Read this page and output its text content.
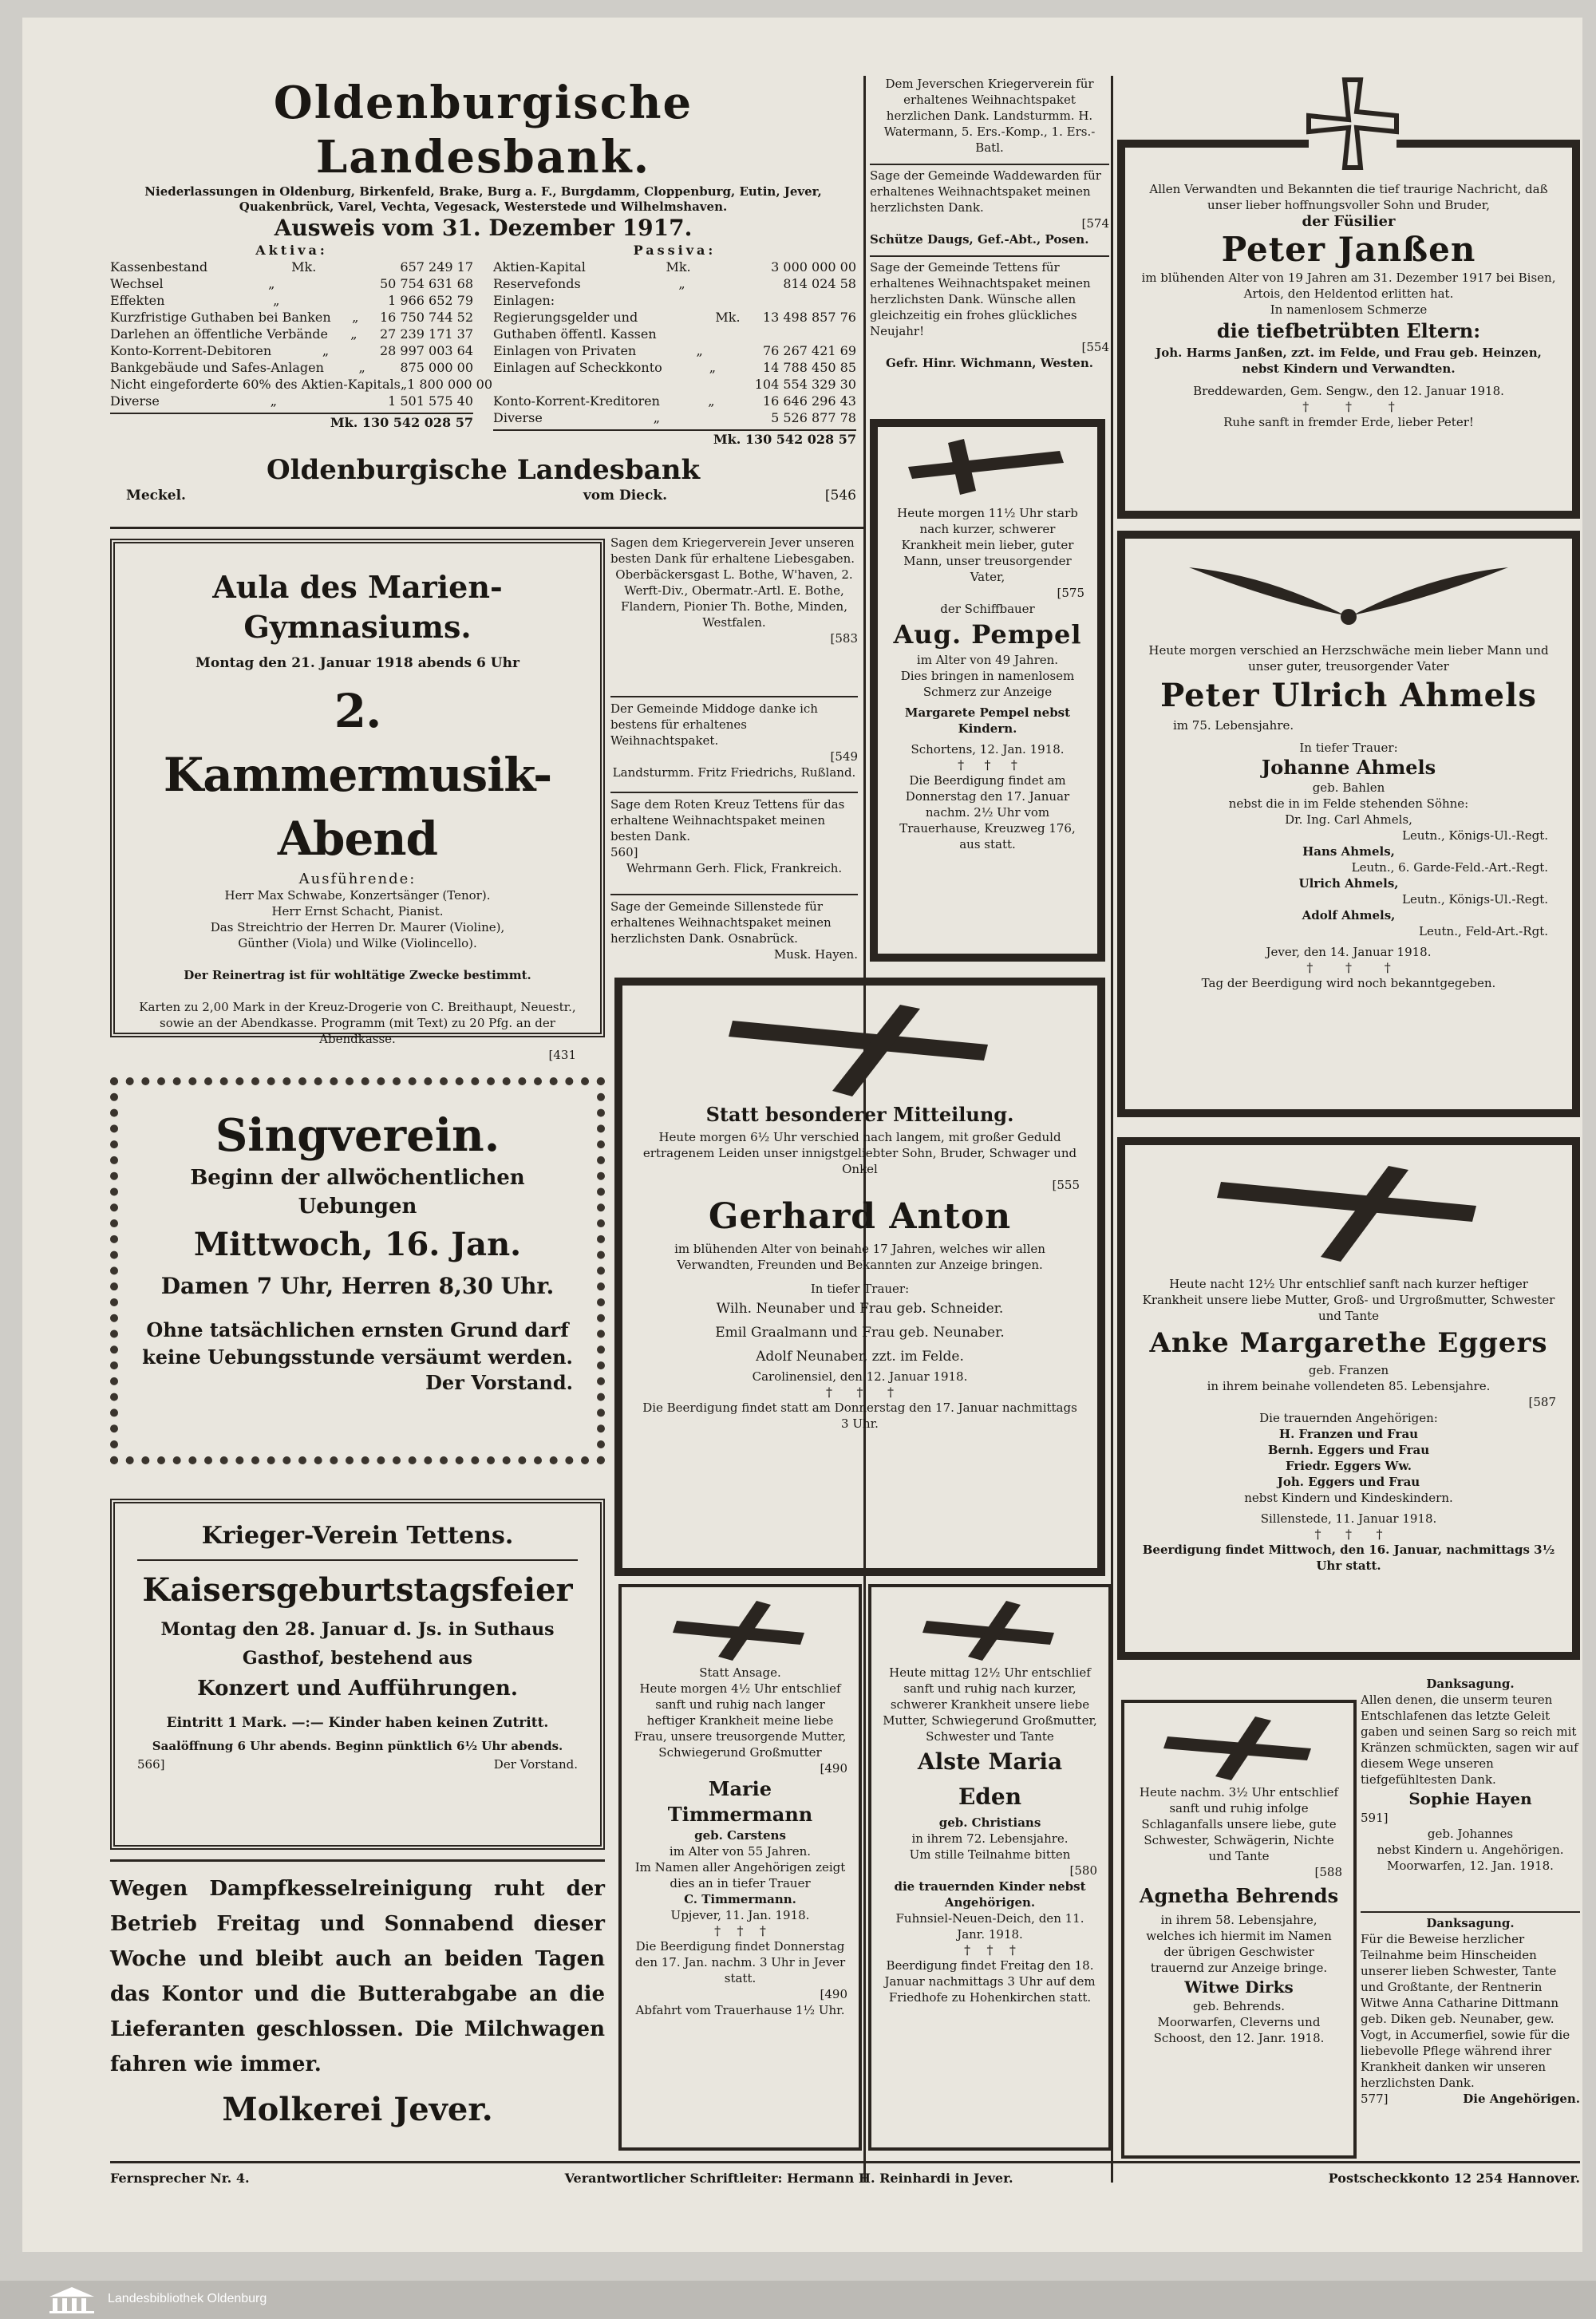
Oldenburgische Landesbank.
Niederlassungen in Oldenburg, Birkenfeld, Brake, Burg a. F., Burgdamm, Cloppenburg, Eutin, Jever, Quakenbrück, Varel, Vechta, Vegesack, Westerstede und Wilhelmshaven.
Ausweis vom 31. Dezember 1917.
Aktiva:
Kassenbestand	Mk.	657 249 17
Wechsel	„	50 754 631 68
Effekten	„	1 966 652 79
Kurzfristige Guthaben bei Banken „ 16 750 744 52
Darlehen an öffentliche Verbände „ 27 239 171 37
Konto-Korrent-Debitoren	„	28 997 003 64
Bankgebäude und Safes-Anlagen	„	875 000 00
Nicht eingeforderte 60% des Aktien-Kapitals „ 1 800 000 00
Diverse	„	1 501 575 40
Mk. 130 542 028 57
Passiva:
Aktien-Kapital	Mk.	3 000 000 00
Reservefonds	„	814 024 58
Einlagen:
Regierungsgelder und Guthaben öffentl. Kassen
Mk. 13 498 857 76
Einlagen von Privaten	„	76 267 421 69
Einlagen auf Scheckkonto	„	14 788 450 85
104 554 329 30
Konto-Korrent-Kreditoren	„	16 646 296 43
Diverse	„	5 526 877 78
Mk. 130 542 028 57
Oldenburgische Landesbank
Meckel.	vom Dieck.	[546
Dem Jeverschen Kriegerverein für erhaltenes Weihnachtspaket herzlichen Dank. Landsturmm. H. Watermann, 5. Ers.-Komp., 1. Ers.-Batl.
Sage der Gemeinde Waddewarden für erhaltenes Weihnachtspaket meinen herzlichsten Dank.
[574
Schütze Daugs, Gef.-Abt., Posen.
Sage der Gemeinde Tettens für erhaltenes Weihnachtspaket meinen herzlichsten Dank. Wünsche allen gleichzeitig ein frohes glückliches Neujahr!
[554
Gefr. Hinr. Wichmann, Westen.
Allen Verwandten und Bekannten die tief traurige Nachricht, daß unser lieber hoffnungsvoller Sohn und Bruder,
der Füsilier
Peter Janßen
im blühenden Alter von 19 Jahren am 31. Dezember 1917 bei Bisen, Artois, den Heldentod erlitten hat.
In namenlosem Schmerze
die tiefbetrübten Eltern:
Joh. Harms Janßen, zzt. im Felde, und Frau geb. Heinzen, nebst Kindern und Verwandten.
Breddewarden, Gem. Sengw., den 12. Januar 1918.
†         †         †
Ruhe sanft in fremder Erde, lieber Peter!
Aula des Marien-Gymnasiums.
Montag den 21. Januar 1918 abends 6 Uhr
2. Kammermusik-Abend
Ausführende:
Herr Max Schwabe, Konzertsänger (Tenor).
Herr Ernst Schacht, Pianist.
Das Streichtrio der Herren Dr. Maurer (Violine),
Günther (Viola) und Wilke (Violincello).
Der Reinertrag ist für wohltätige Zwecke bestimmt.
Karten zu 2,00 Mark in der Kreuz-Drogerie von C. Breithaupt, Neuestr., sowie an der Abendkasse. Programm (mit Text) zu 20 Pfg. an der Abendkasse.
[431
Sagen dem Kriegerverein Jever unseren besten Dank für erhaltene Liebesgaben.
Oberbäckersgast L. Bothe, W'haven, 2. Werft-Div., Obermatr.-Artl. E. Bothe, Flandern, Pionier Th. Bothe, Minden, Westfalen.
[583
Der Gemeinde Middoge danke ich bestens für erhaltenes Weihnachtspaket.
[549
Landsturmm. Fritz Friedrichs, Rußland.
Sage dem Roten Kreuz Tettens für das erhaltene Weihnachtspaket meinen besten Dank.
560]
Wehrmann Gerh. Flick, Frankreich.
Sage der Gemeinde Sillenstede für erhaltenes Weihnachtspaket meinen herzlichsten Dank. Osnabrück.
Musk. Hayen.
Heute morgen 11½ Uhr starb nach kurzer, schwerer Krankheit mein lieber, guter Mann, unser treusorgender Vater,
[575
der Schiffbauer
Aug. Pempel
im Alter von 49 Jahren.
Dies bringen in namenlosem Schmerz zur Anzeige
Margarete Pempel nebst Kindern.
Schortens, 12. Jan. 1918.
†     †     †
Die Beerdigung findet am Donnerstag den 17. Januar nachm. 2½ Uhr vom Trauerhause, Kreuzweg 176, aus statt.
Heute morgen verschied an Herzschwäche mein lieber Mann und unser guter, treusorgender Vater
Peter Ulrich Ahmels
im 75. Lebensjahre.
In tiefer Trauer:
Johanne Ahmels
geb. Bahlen
nebst die in im Felde stehenden Söhne:
Dr. Ing. Carl Ahmels,
Leutn., Königs-Ul.-Regt.
Hans Ahmels,
Leutn., 6. Garde-Feld.-Art.-Regt.
Ulrich Ahmels,
Leutn., Königs-Ul.-Regt.
Adolf Ahmels,
Leutn., Feld-Art.-Rgt.
Jever, den 14. Januar 1918.
†        †        †
Tag der Beerdigung wird noch bekanntgegeben.
Singverein.
Beginn der allwöchentlichen Uebungen
Mittwoch, 16. Jan.
Damen 7 Uhr, Herren 8,30 Uhr.
Ohne tatsächlichen ernsten Grund darf keine Uebungsstunde versäumt werden.
Der Vorstand.
Statt besonderer Mitteilung.
Heute morgen 6½ Uhr verschied nach langem, mit großer Geduld ertragenem Leiden unser innigstgeliebter Sohn, Bruder, Schwager und Onkel
[555
Gerhard Anton
im blühenden Alter von beinahe 17 Jahren, welches wir allen Verwandten, Freunden und Bekannten zur Anzeige bringen.
In tiefer Trauer:
Wilh. Neunaber und Frau geb. Schneider.
Emil Graalmann und Frau geb. Neunaber.
Adolf Neunaber, zzt. im Felde.
Carolinensiel, den 12. Januar 1918.
†      †      †
Die Beerdigung findet statt am Donnerstag den 17. Januar nachmittags 3 Uhr.
Heute nacht 12½ Uhr entschlief sanft nach kurzer heftiger Krankheit unsere liebe Mutter, Groß- und Urgroßmutter, Schwester und Tante
Anke Margarethe Eggers
geb. Franzen
in ihrem beinahe vollendeten 85. Lebensjahre.
[587
Die trauernden Angehörigen:
H. Franzen und Frau
Bernh. Eggers und Frau
Friedr. Eggers Ww.
Joh. Eggers und Frau
nebst Kindern und Kindeskindern.
Sillenstede, 11. Januar 1918.
†      †      †
Beerdigung findet Mittwoch, den 16. Januar, nachmittags 3½ Uhr statt.
Krieger-Verein Tettens.
Kaisersgeburtstagsfeier
Montag den 28. Januar d. Js. in Suthaus Gasthof, bestehend aus
Konzert und Aufführungen.
Eintritt 1 Mark. —:— Kinder haben keinen Zutritt.
Saalöffnung 6 Uhr abends. Beginn pünktlich 6½ Uhr abends.
566]	Der Vorstand.
Wegen Dampfkesselreinigung ruht der Betrieb Freitag und Sonnabend dieser Woche und bleibt auch an beiden Tagen das Kontor und die Butterabgabe an die Lieferanten geschlossen. Die Milchwagen fahren wie immer.
Molkerei Jever.
Statt Ansage.
Heute morgen 4½ Uhr entschlief sanft und ruhig nach langer heftiger Krankheit meine liebe Frau, unsere treusorgende Mutter, Schwiegerund Großmutter
[490
Marie Timmermann
geb. Carstens
im Alter von 55 Jahren.
Im Namen aller Angehörigen zeigt dies an in tiefer Trauer
C. Timmermann.
Upjever, 11. Jan. 1918.
†    †    †
Die Beerdigung findet Donnerstag den 17. Jan. nachm. 3 Uhr in Jever statt.
[490
Abfahrt vom Trauerhause 1½ Uhr.
Heute mittag 12½ Uhr entschlief sanft und ruhig nach kurzer, schwerer Krankheit unsere liebe Mutter, Schwiegerund Großmutter, Schwester und Tante
Alste Maria Eden
geb. Christians
in ihrem 72. Lebensjahre.
Um stille Teilnahme bitten
[580
die trauernden Kinder nebst Angehörigen.
Fuhnsiel-Neuen-Deich, den 11. Janr. 1918.
†    †    †
Beerdigung findet Freitag den 18. Januar nachmittags 3 Uhr auf dem Friedhofe zu Hohenkirchen statt.
Heute nachm. 3½ Uhr entschlief sanft und ruhig infolge Schlaganfalls unsere liebe, gute Schwester, Schwägerin, Nichte und Tante
[588
Agnetha Behrends
in ihrem 58. Lebensjahre, welches ich hiermit im Namen der übrigen Geschwister trauernd zur Anzeige bringe.
Witwe Dirks
geb. Behrends.
Moorwarfen, Cleverns und Schoost, den 12. Janr. 1918.
Danksagung.
Allen denen, die unserm teuren Entschlafenen das letzte Geleit gaben und seinen Sarg so reich mit Kränzen schmückten, sagen wir auf diesem Wege unseren tiefgefühltesten Dank.
Sophie Hayen
591]
geb. Johannes
nebst Kindern u. Angehörigen.
Moorwarfen, 12. Jan. 1918.
Danksagung.
Für die Beweise herzlicher Teilnahme beim Hinscheiden unserer lieben Schwester, Tante und Großtante, der Rentnerin Witwe Anna Catharine Dittmann geb. Diken geb. Neunaber, gew. Vogt, in Accumerfiel, sowie für die liebevolle Pflege während ihrer Krankheit danken wir unseren herzlichsten Dank.
577]	Die Angehörigen.
Fernsprecher Nr. 4.	Verantwortlicher Schriftleiter: Hermann H. Reinhardi in Jever.	Postscheckkonto 12 254 Hannover.
Landesbibliothek Oldenburg
